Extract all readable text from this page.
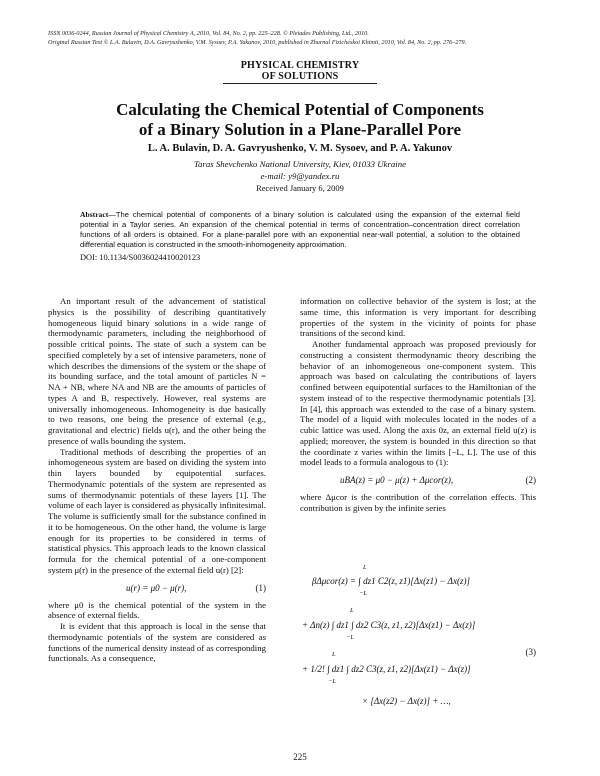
ISSN 0036-0244, Russian Journal of Physical Chemistry A, 2010, Vol. 84, No. 2, pp. 225–228. © Pleiades Publishing, Ltd., 2010.
Original Russian Text © L.A. Bulavin, D.A. Gavryushenko, V.M. Sysoev, P.A. Yakunov, 2010, published in Zhurnal Fizicheskoi Khimii, 2010, Vol. 84, No. 2, pp. 276–279.
PHYSICAL CHEMISTRY
OF SOLUTIONS
Calculating the Chemical Potential of Components
of a Binary Solution in a Plane-Parallel Pore
L. A. Bulavin, D. A. Gavryushenko, V. M. Sysoev, and P. A. Yakunov
Taras Shevchenko National University, Kiev, 01033 Ukraine
e-mail: y9@yandex.ru
Received January 6, 2009
Abstract—The chemical potential of components of a binary solution is calculated using the expansion of the external field potential in a Taylor series. An expansion of the chemical potential in terms of concentration–concentration direct correlation functions of all orders is obtained. For a plane-parallel pore with an exponential near-wall potential, a solution to the obtained differential equation is constructed in the smooth-inhomogeneity approximation.
DOI: 10.1134/S0036024410020123

An important result of the advancement of statistical physics is the possibility of describing quantitatively homogeneous liquid binary solutions in a wide range of thermodynamic parameters, including the neighborhood of possible critical points. The state of such a system can be specified completely by a set of intensive parameters, none of which describes the dimensions of the system or the shape of its bounding surface, and the total amount of particles N = NA + NB, where NA and NB are the amounts of particles of types A and B, respectively. However, real systems are universally inhomogeneous. Inhomogeneity is due basically to two reasons, one being the presence of external (e.g., gravitational and electric) fields u(r), and the other being the presence of walls bounding the system.

Traditional methods of describing the properties of an inhomogeneous system are based on dividing the system into thin layers bounded by equipotential surfaces. Thermodynamic potentials of the system are represented as sums of thermodynamic potentials of these layers [1]. The volume of each layer is considered as physically infinitesimal. The volume is sufficiently small for the substance confined in it to be homogeneous. On the other hand, the volume is large enough for its properties to be considered in terms of statistical physics. This approach leads to the known classical formula for the chemical potential of a one-component system μ(r) in the presence of the external field u(r) [2]:

u(r) = μ0 − μ(r),	(1)

where μ0 is the chemical potential of the system in the absence of external fields.

It is evident that this approach is local in the sense that thermodynamic potentials of the system are considered as functions of the numerical density instead of as corresponding functionals. As a consequence,

information on collective behavior of the system is lost; at the same time, this information is very important for describing properties of the system in the vicinity of points for phase transitions of the second kind.

Another fundamental approach was proposed previously for constructing a consistent thermodynamic theory describing the behavior of an inhomogeneous one-component system. This approach was based on calculating the contributions of layers confined between equipotential surfaces to the Hamiltonian of the system instead of to the respective thermodynamic potentials [3]. In [4], this approach was extended to the case of a binary system. The model of a liquid with molecules located in the nodes of a cubic lattice was used. Along the axis 0z, an external field u(z) is applied; moreover, the system is bounded in this direction so that the coordinate z varies within the limits [−L, L]. The use of this model leads to a formula analogous to (1):

uBA(z) = μ0 − μ(z) + Δμcor(z),	(2)

where Δμcor is the contribution of the correlation effects. This contribution is given by the infinite series

L
βΔμcor(z) = ∫ dz1 C2(z, z1)[Δx(z1) − Δx(z)]
−L
L
+ Δn(z) ∫ dz1 ∫ dz2 C3(z, z1, z2)[Δx(z1) − Δx(z)]
−L
(3)
L
+ 1/2! ∫ dz1 ∫ dz2 C3(z, z1, z2)[Δx(z1) − Δx(z)]
−L
× [Δx(z2) − Δx(z)] + …,
225
